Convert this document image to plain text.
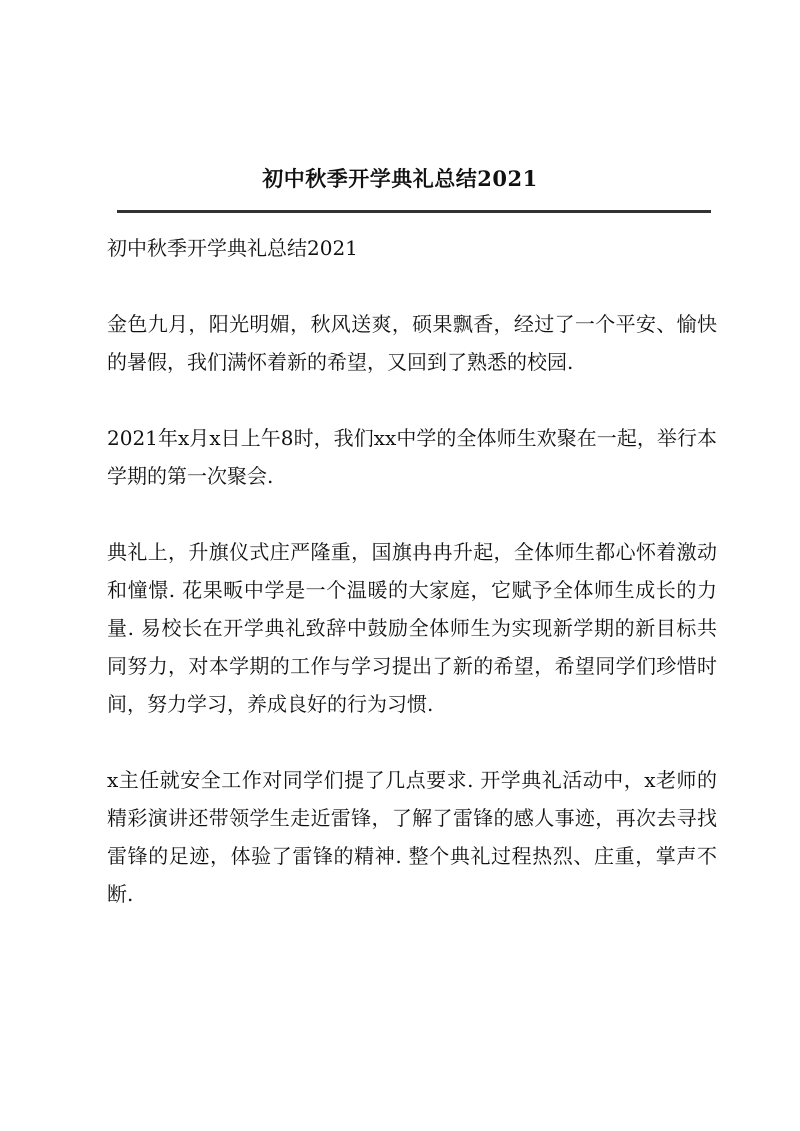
初中秋季开学典礼总结2021

初中秋季开学典礼总结2021

金色九月，阳光明媚，秋风送爽，硕果飘香，经过了一个平安、愉快的暑假，我们满怀着新的希望，又回到了熟悉的校园.

2021年x月x日上午8时，我们xx中学的全体师生欢聚在一起，举行本学期的第一次聚会.

典礼上，升旗仪式庄严隆重，国旗冉冉升起，全体师生都心怀着激动和憧憬. 花果畈中学是一个温暖的大家庭，它赋予全体师生成长的力量. 易校长在开学典礼致辞中鼓励全体师生为实现新学期的新目标共同努力，对本学期的工作与学习提出了新的希望，希望同学们珍惜时间，努力学习，养成良好的行为习惯.

x主任就安全工作对同学们提了几点要求. 开学典礼活动中，x老师的精彩演讲还带领学生走近雷锋，了解了雷锋的感人事迹，再次去寻找雷锋的足迹，体验了雷锋的精神. 整个典礼过程热烈、庄重，掌声不断.
